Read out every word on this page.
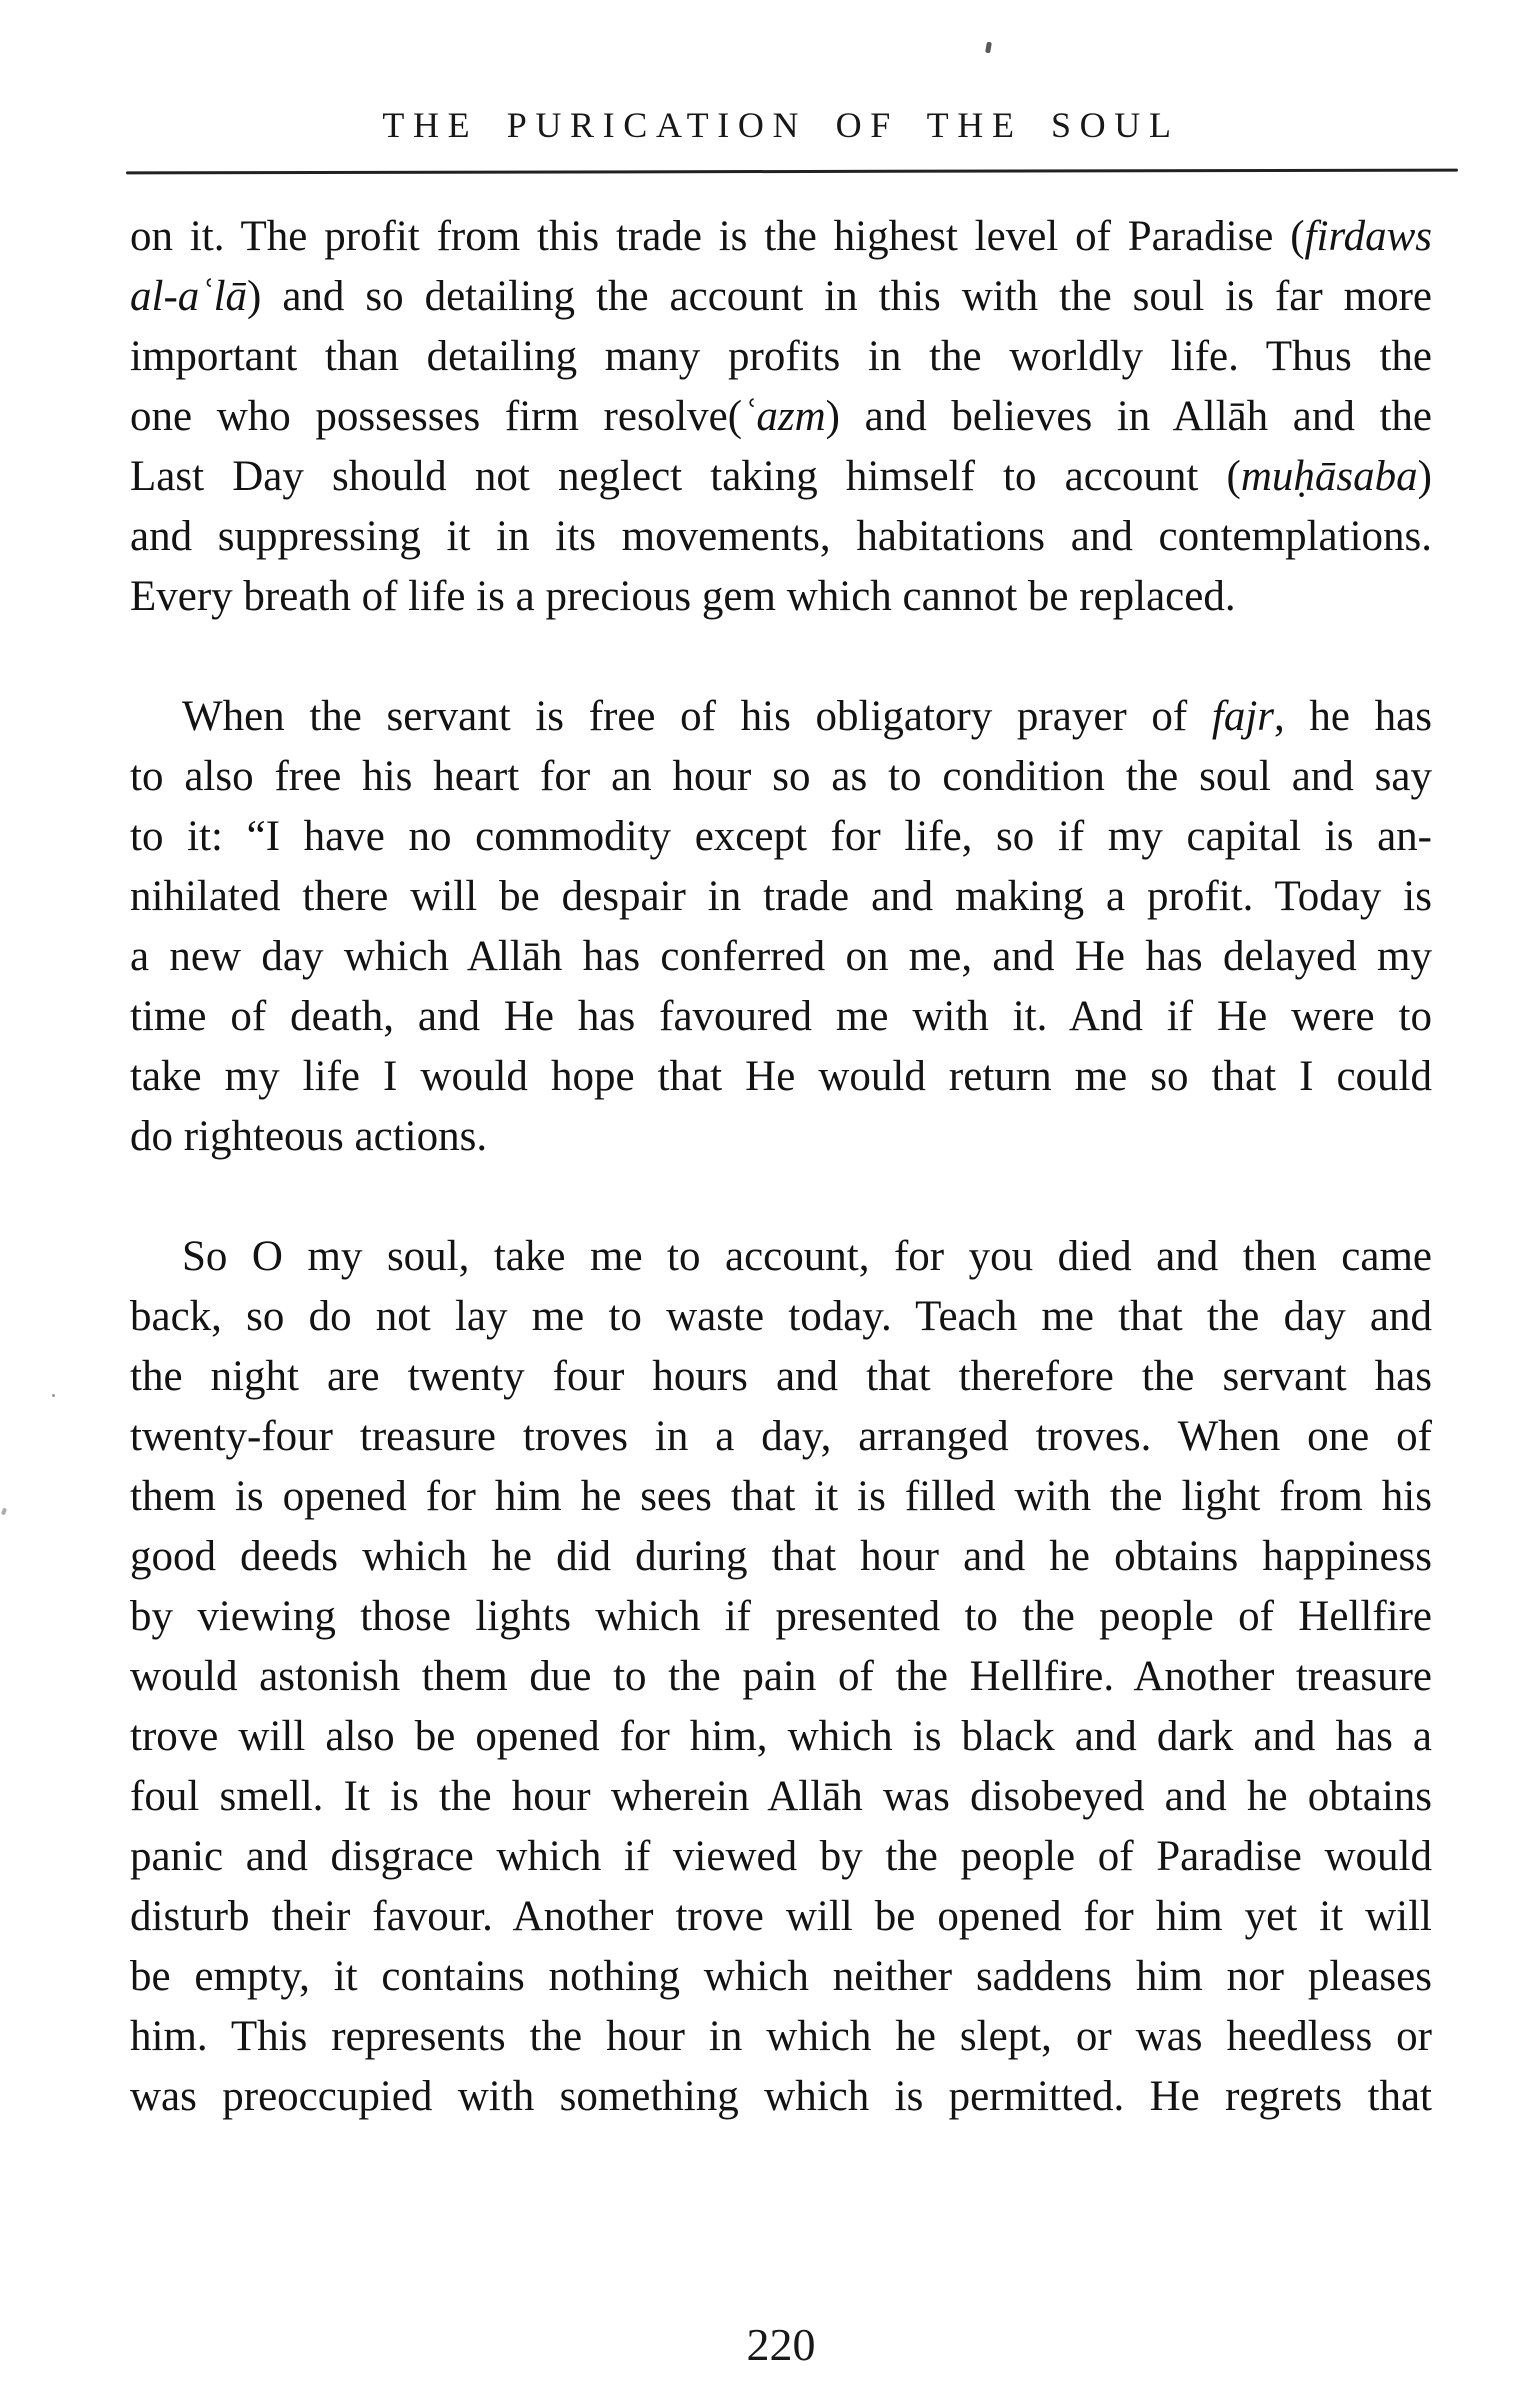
THE PURICATION OF THE SOUL
on it. The profit from this trade is the highest level of Paradise (firdaws
al-aʿlā) and so detailing the account in this with the soul is far more
important than detailing many profits in the worldly life. Thus the
one who possesses firm resolve(ʿazm) and believes in Allāh and the
Last Day should not neglect taking himself to account (muḥāsaba)
and suppressing it in its movements, habitations and contemplations.
Every breath of life is a precious gem which cannot be replaced.
When the servant is free of his obligatory prayer of fajr, he has
to also free his heart for an hour so as to condition the soul and say
to it: “I have no commodity except for life, so if my capital is an-
nihilated there will be despair in trade and making a profit. Today is
a new day which Allāh has conferred on me, and He has delayed my
time of death, and He has favoured me with it. And if He were to
take my life I would hope that He would return me so that I could
do righteous actions.
So O my soul, take me to account, for you died and then came
back, so do not lay me to waste today. Teach me that the day and
the night are twenty four hours and that therefore the servant has
twenty-four treasure troves in a day, arranged troves. When one of
them is opened for him he sees that it is filled with the light from his
good deeds which he did during that hour and he obtains happiness
by viewing those lights which if presented to the people of Hellfire
would astonish them due to the pain of the Hellfire. Another treasure
trove will also be opened for him, which is black and dark and has a
foul smell. It is the hour wherein Allāh was disobeyed and he obtains
panic and disgrace which if viewed by the people of Paradise would
disturb their favour. Another trove will be opened for him yet it will
be empty, it contains nothing which neither saddens him nor pleases
him. This represents the hour in which he slept, or was heedless or
was preoccupied with something which is permitted. He regrets that
220
